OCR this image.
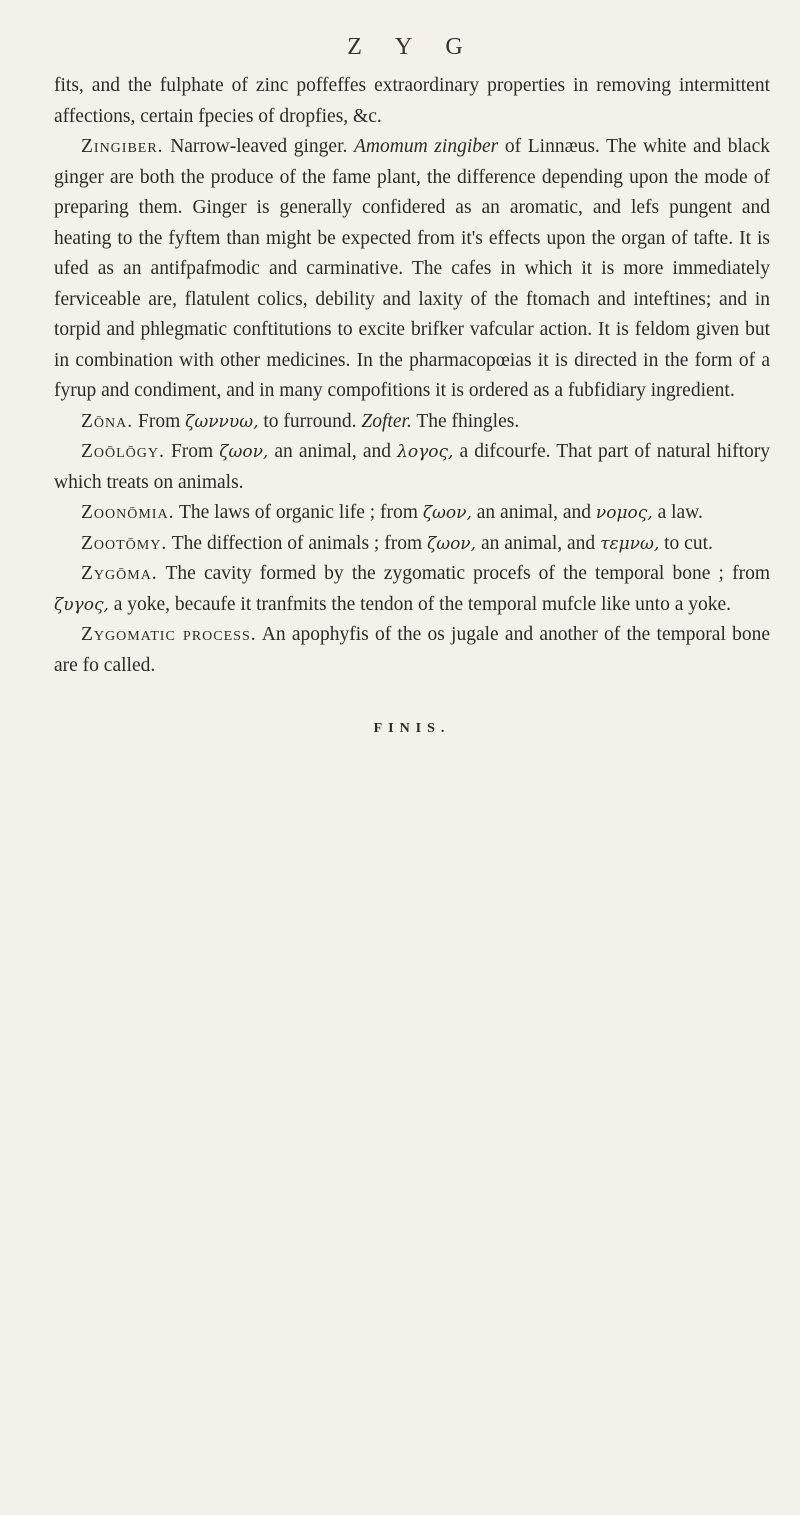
Z Y G

fits, and the fulphate of zinc poffeffes extraordinary properties in removing intermittent affections, certain fpecies of dropfies, &c.

Zingiber. Narrow-leaved ginger. Amomum zingiber of Linnæus. The white and black ginger are both the produce of the fame plant, the difference depending upon the mode of preparing them. Ginger is generally confidered as an aromatic, and lefs pungent and heating to the fyftem than might be expected from it's effects upon the organ of tafte. It is ufed as an antifpafmodic and carminative. The cafes in which it is more immediately ferviceable are, flatulent colics, debility and laxity of the ftomach and inteftines; and in torpid and phlegmatic conftitutions to excite brifker vafcular action. It is feldom given but in combination with other medicines. In the pharmacopœias it is directed in the form of a fyrup and condiment, and in many compofitions it is ordered as a fubfidiary ingredient.

Zōna. From ζωννυω, to furround. Zofter. The fhingles.

Zoōlōgy. From ζωον, an animal, and λογος, a difcourfe. That part of natural hiftory which treats on animals.

Zoonōmia. The laws of organic life ; from ζωον, an animal, and νομος, a law.

Zootōmy. The diffection of animals ; from ζωον, an animal, and τεμνω, to cut.

Zygōma. The cavity formed by the zygomatic procefs of the temporal bone ; from ζυγος, a yoke, becaufe it tranfmits the tendon of the temporal mufcle like unto a yoke.

Zygomatic process. An apophyfis of the os jugale and another of the temporal bone are fo called.

FINIS.
